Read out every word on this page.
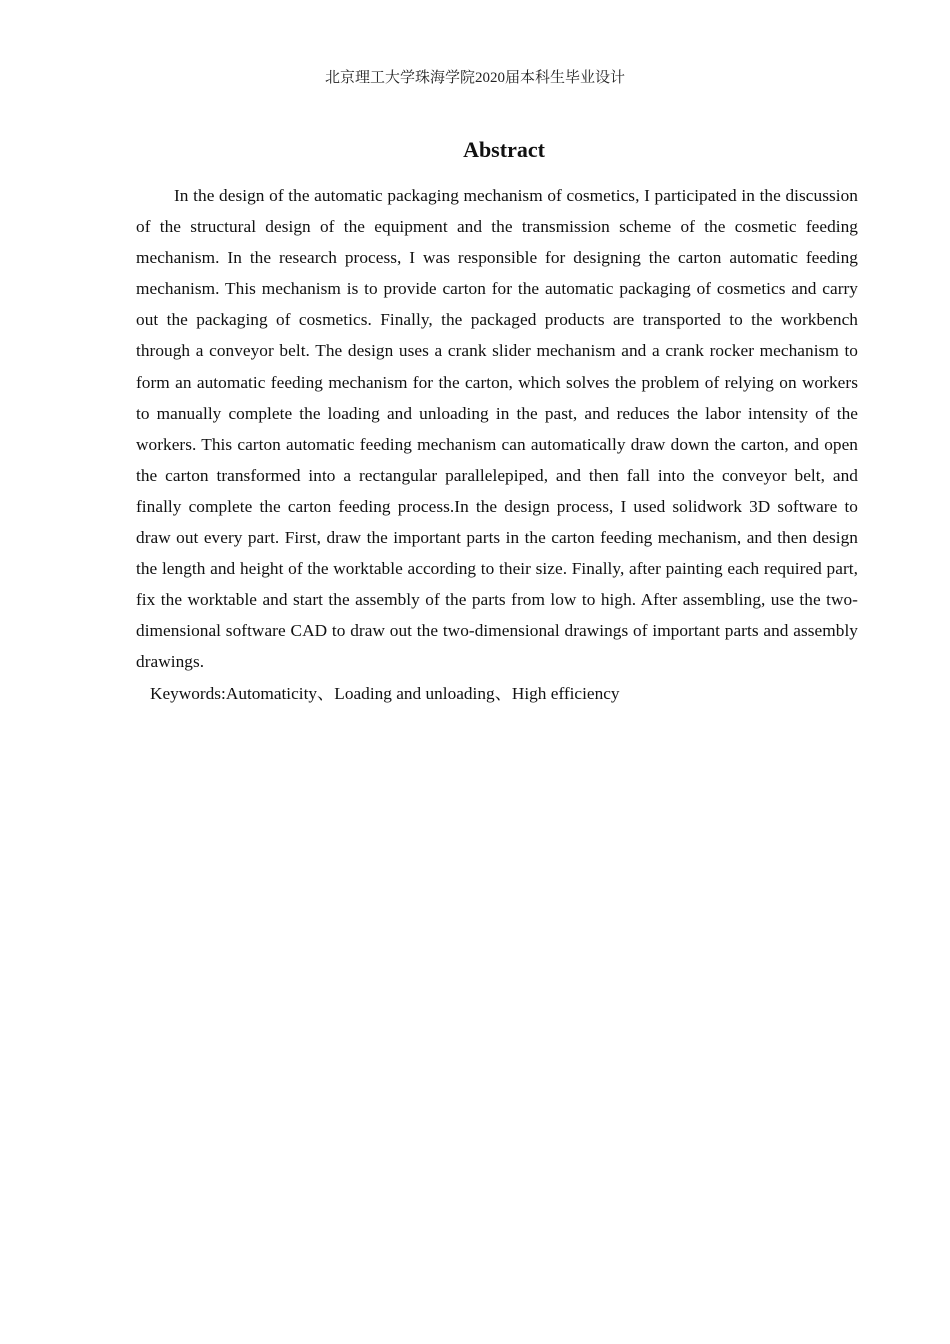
北京理工大学珠海学院2020届本科生毕业设计
Abstract

In the design of the automatic packaging mechanism of cosmetics, I participated in the discussion of the structural design of the equipment and the transmission scheme of the cosmetic feeding mechanism. In the research process, I was responsible for designing the carton automatic feeding mechanism. This mechanism is to provide carton for the automatic packaging of cosmetics and carry out the packaging of cosmetics. Finally, the packaged products are transported to the workbench through a conveyor belt. The design uses a crank slider mechanism and a crank rocker mechanism to form an automatic feeding mechanism for the carton, which solves the problem of relying on workers to manually complete the loading and unloading in the past, and reduces the labor intensity of the workers. This carton automatic feeding mechanism can automatically draw down the carton, and open the carton transformed into a rectangular parallelepiped, and then fall into the conveyor belt, and finally complete the carton feeding process.In the design process, I used solidwork 3D software to draw out every part. First, draw the important parts in the carton feeding mechanism, and then design the length and height of the worktable according to their size. Finally, after painting each required part, fix the worktable and start the assembly of the parts from low to high. After assembling, use the two-dimensional software CAD to draw out the two-dimensional drawings of important parts and assembly drawings.

Keywords:Automaticity、Loading and unloading、High efficiency
